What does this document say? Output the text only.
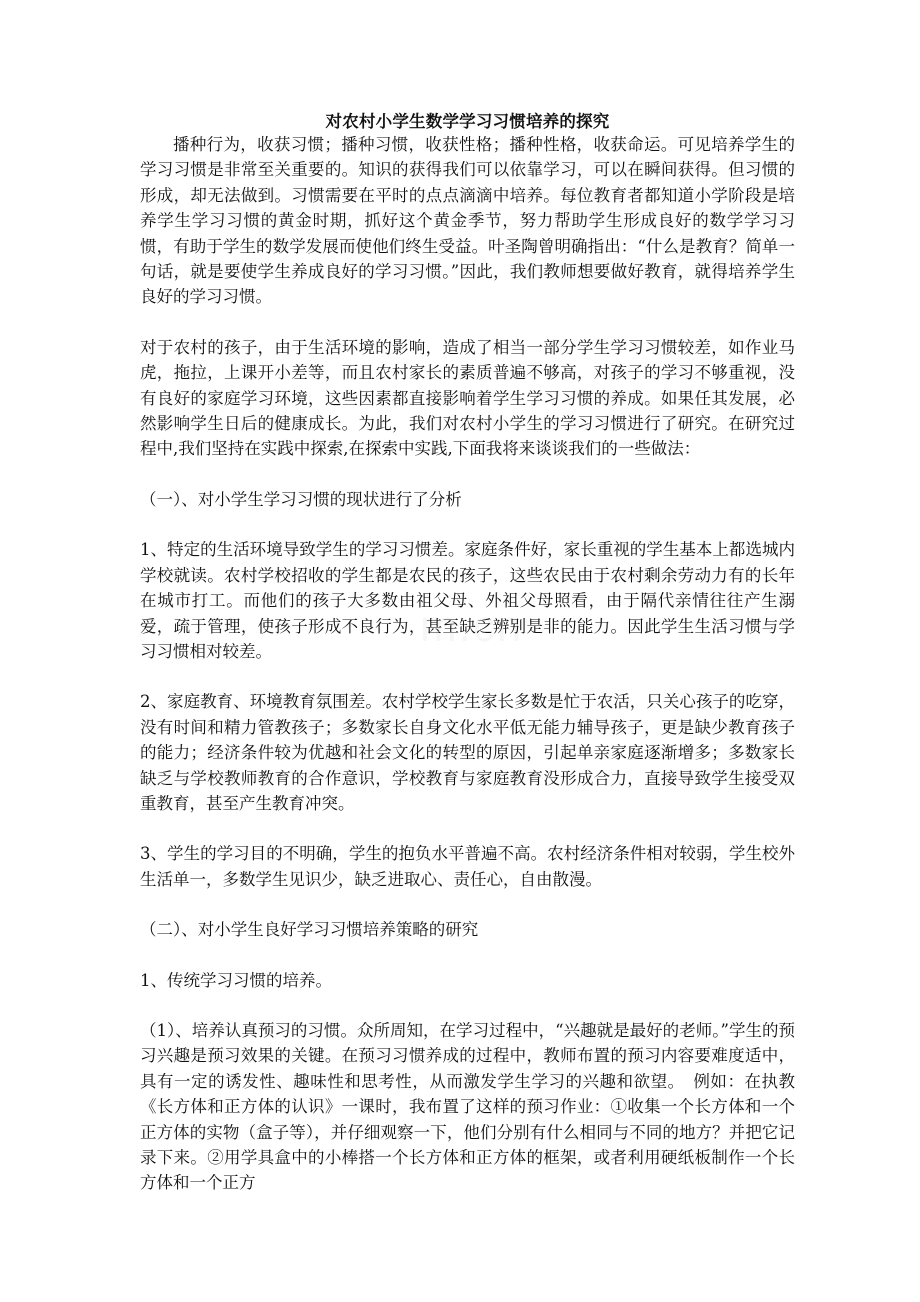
对农村小学生数学学习习惯培养的探究

播种行为，收获习惯；播种习惯，收获性格；播种性格，收获命运。可见培养学生的学习习惯是非常至关重要的。知识的获得我们可以依靠学习，可以在瞬间获得。但习惯的形成，却无法做到。习惯需要在平时的点点滴滴中培养。每位教育者都知道小学阶段是培养学生学习习惯的黄金时期，抓好这个黄金季节，努力帮助学生形成良好的数学学习习惯，有助于学生的数学发展而使他们终生受益。叶圣陶曾明确指出：“什么是教育？简单一句话，就是要使学生养成良好的学习习惯。”因此，我们教师想要做好教育，就得培养学生良好的学习习惯。

对于农村的孩子，由于生活环境的影响，造成了相当一部分学生学习习惯较差，如作业马虎，拖拉，上课开小差等，而且农村家长的素质普遍不够高，对孩子的学习不够重视，没有良好的家庭学习环境，这些因素都直接影响着学生学习习惯的养成。如果任其发展，必然影响学生日后的健康成长。为此，我们对农村小学生的学习习惯进行了研究。在研究过程中,我们坚持在实践中探索,在探索中实践,下面我将来谈谈我们的一些做法：

（一）、对小学生学习习惯的现状进行了分析

1、特定的生活环境导致学生的学习习惯差。家庭条件好，家长重视的学生基本上都选城内学校就读。农村学校招收的学生都是农民的孩子，这些农民由于农村剩余劳动力有的长年在城市打工。而他们的孩子大多数由祖父母、外祖父母照看，由于隔代亲情往往产生溺爱，疏于管理，使孩子形成不良行为，甚至缺乏辨别是非的能力。因此学生生活习惯与学习习惯相对较差。

2、家庭教育、环境教育氛围差。农村学校学生家长多数是忙于农活，只关心孩子的吃穿，没有时间和精力管教孩子；多数家长自身文化水平低无能力辅导孩子，更是缺少教育孩子的能力；经济条件较为优越和社会文化的转型的原因，引起单亲家庭逐渐增多；多数家长缺乏与学校教师教育的合作意识，学校教育与家庭教育没形成合力，直接导致学生接受双重教育，甚至产生教育冲突。

3、学生的学习目的不明确，学生的抱负水平普遍不高。农村经济条件相对较弱，学生校外生活单一，多数学生见识少，缺乏进取心、责任心，自由散漫。

（二）、对小学生良好学习习惯培养策略的研究

1、传统学习习惯的培养。

（1）、培养认真预习的习惯。众所周知，在学习过程中，“兴趣就是最好的老师。”学生的预习兴趣是预习效果的关键。在预习习惯养成的过程中，教师布置的预习内容要难度适中，具有一定的诱发性、趣味性和思考性，从而激发学生学习的兴趣和欲望。　例如：在执教《长方体和正方体的认识》一课时，我布置了这样的预习作业：①收集一个长方体和一个正方体的实物（盒子等），并仔细观察一下，他们分别有什么相同与不同的地方？并把它记录下来。②用学具盒中的小棒搭一个长方体和正方体的框架，或者利用硬纸板制作一个长方体和一个正方
